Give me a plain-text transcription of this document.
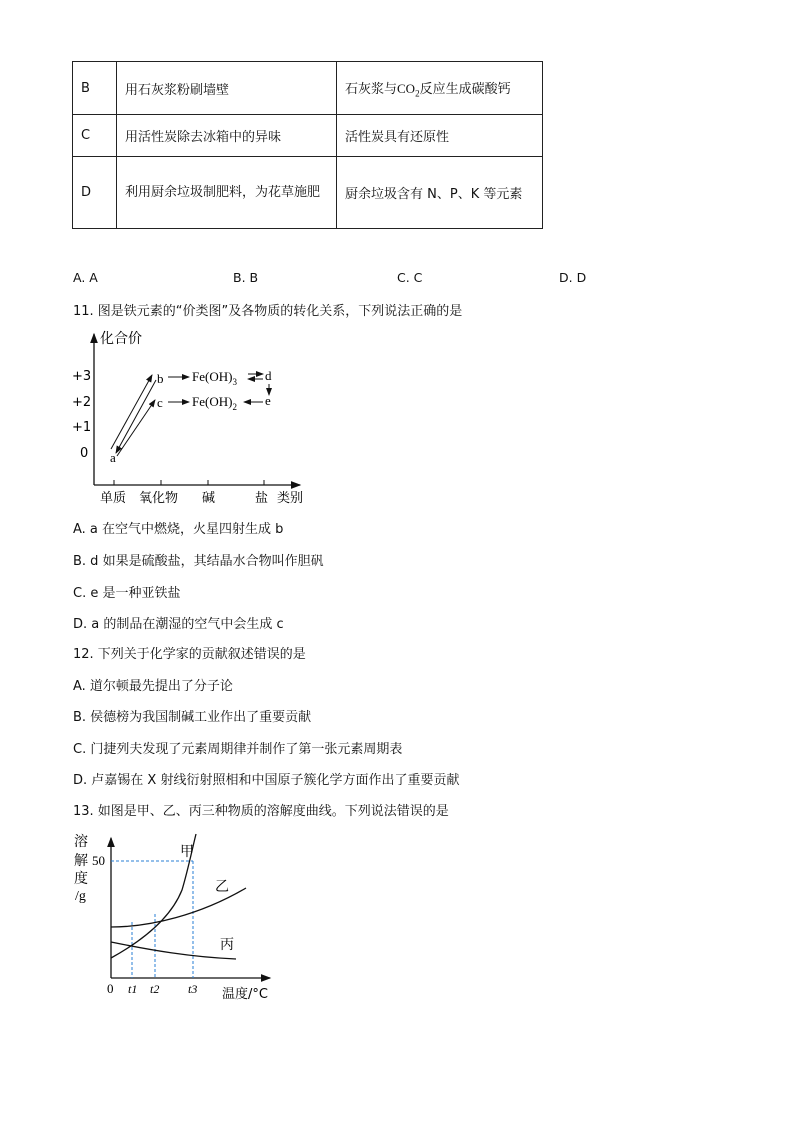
B	用石灰浆粉刷墙壁	石灰浆与$CO_2$反应生成碳酸钙
C	用活性炭除去冰箱中的异味	活性炭具有还原性
D	利用厨余垃圾制肥料，为花草施肥	厨余垃圾含有 N、P、K 等元素
A. A	B. B	C. C	D. D
11. 图是铁元素的“价类图”及各物质的转化关系，下列说法正确的是
化合价
+3
+2
+1
0
单质 氧化物 碱	盐 类别
a
b
c
d
e
$Fe(OH)_3$
$Fe(OH)_2$
A. a 在空气中燃烧，火星四射生成 b
B. d 如果是硫酸盐，其结晶水合物叫作胆矾
C. e 是一种亚铁盐
D. a 的制品在潮湿的空气中会生成 c
12. 下列关于化学家的贡献叙述错误的是
A. 道尔顿最先提出了分子论
B. 侯德榜为我国制碱工业作出了重要贡献
C. 门捷列夫发现了元素周期律并制作了第一张元素周期表
D. 卢嘉锡在 X 射线衍射照相和中国原子簇化学方面作出了重要贡献
13. 如图是甲、乙、丙三种物质的溶解度曲线。下列说法错误的是
溶
解
度
/g
50
0 t1 t2 t3 温度/°C
甲
乙
丙
